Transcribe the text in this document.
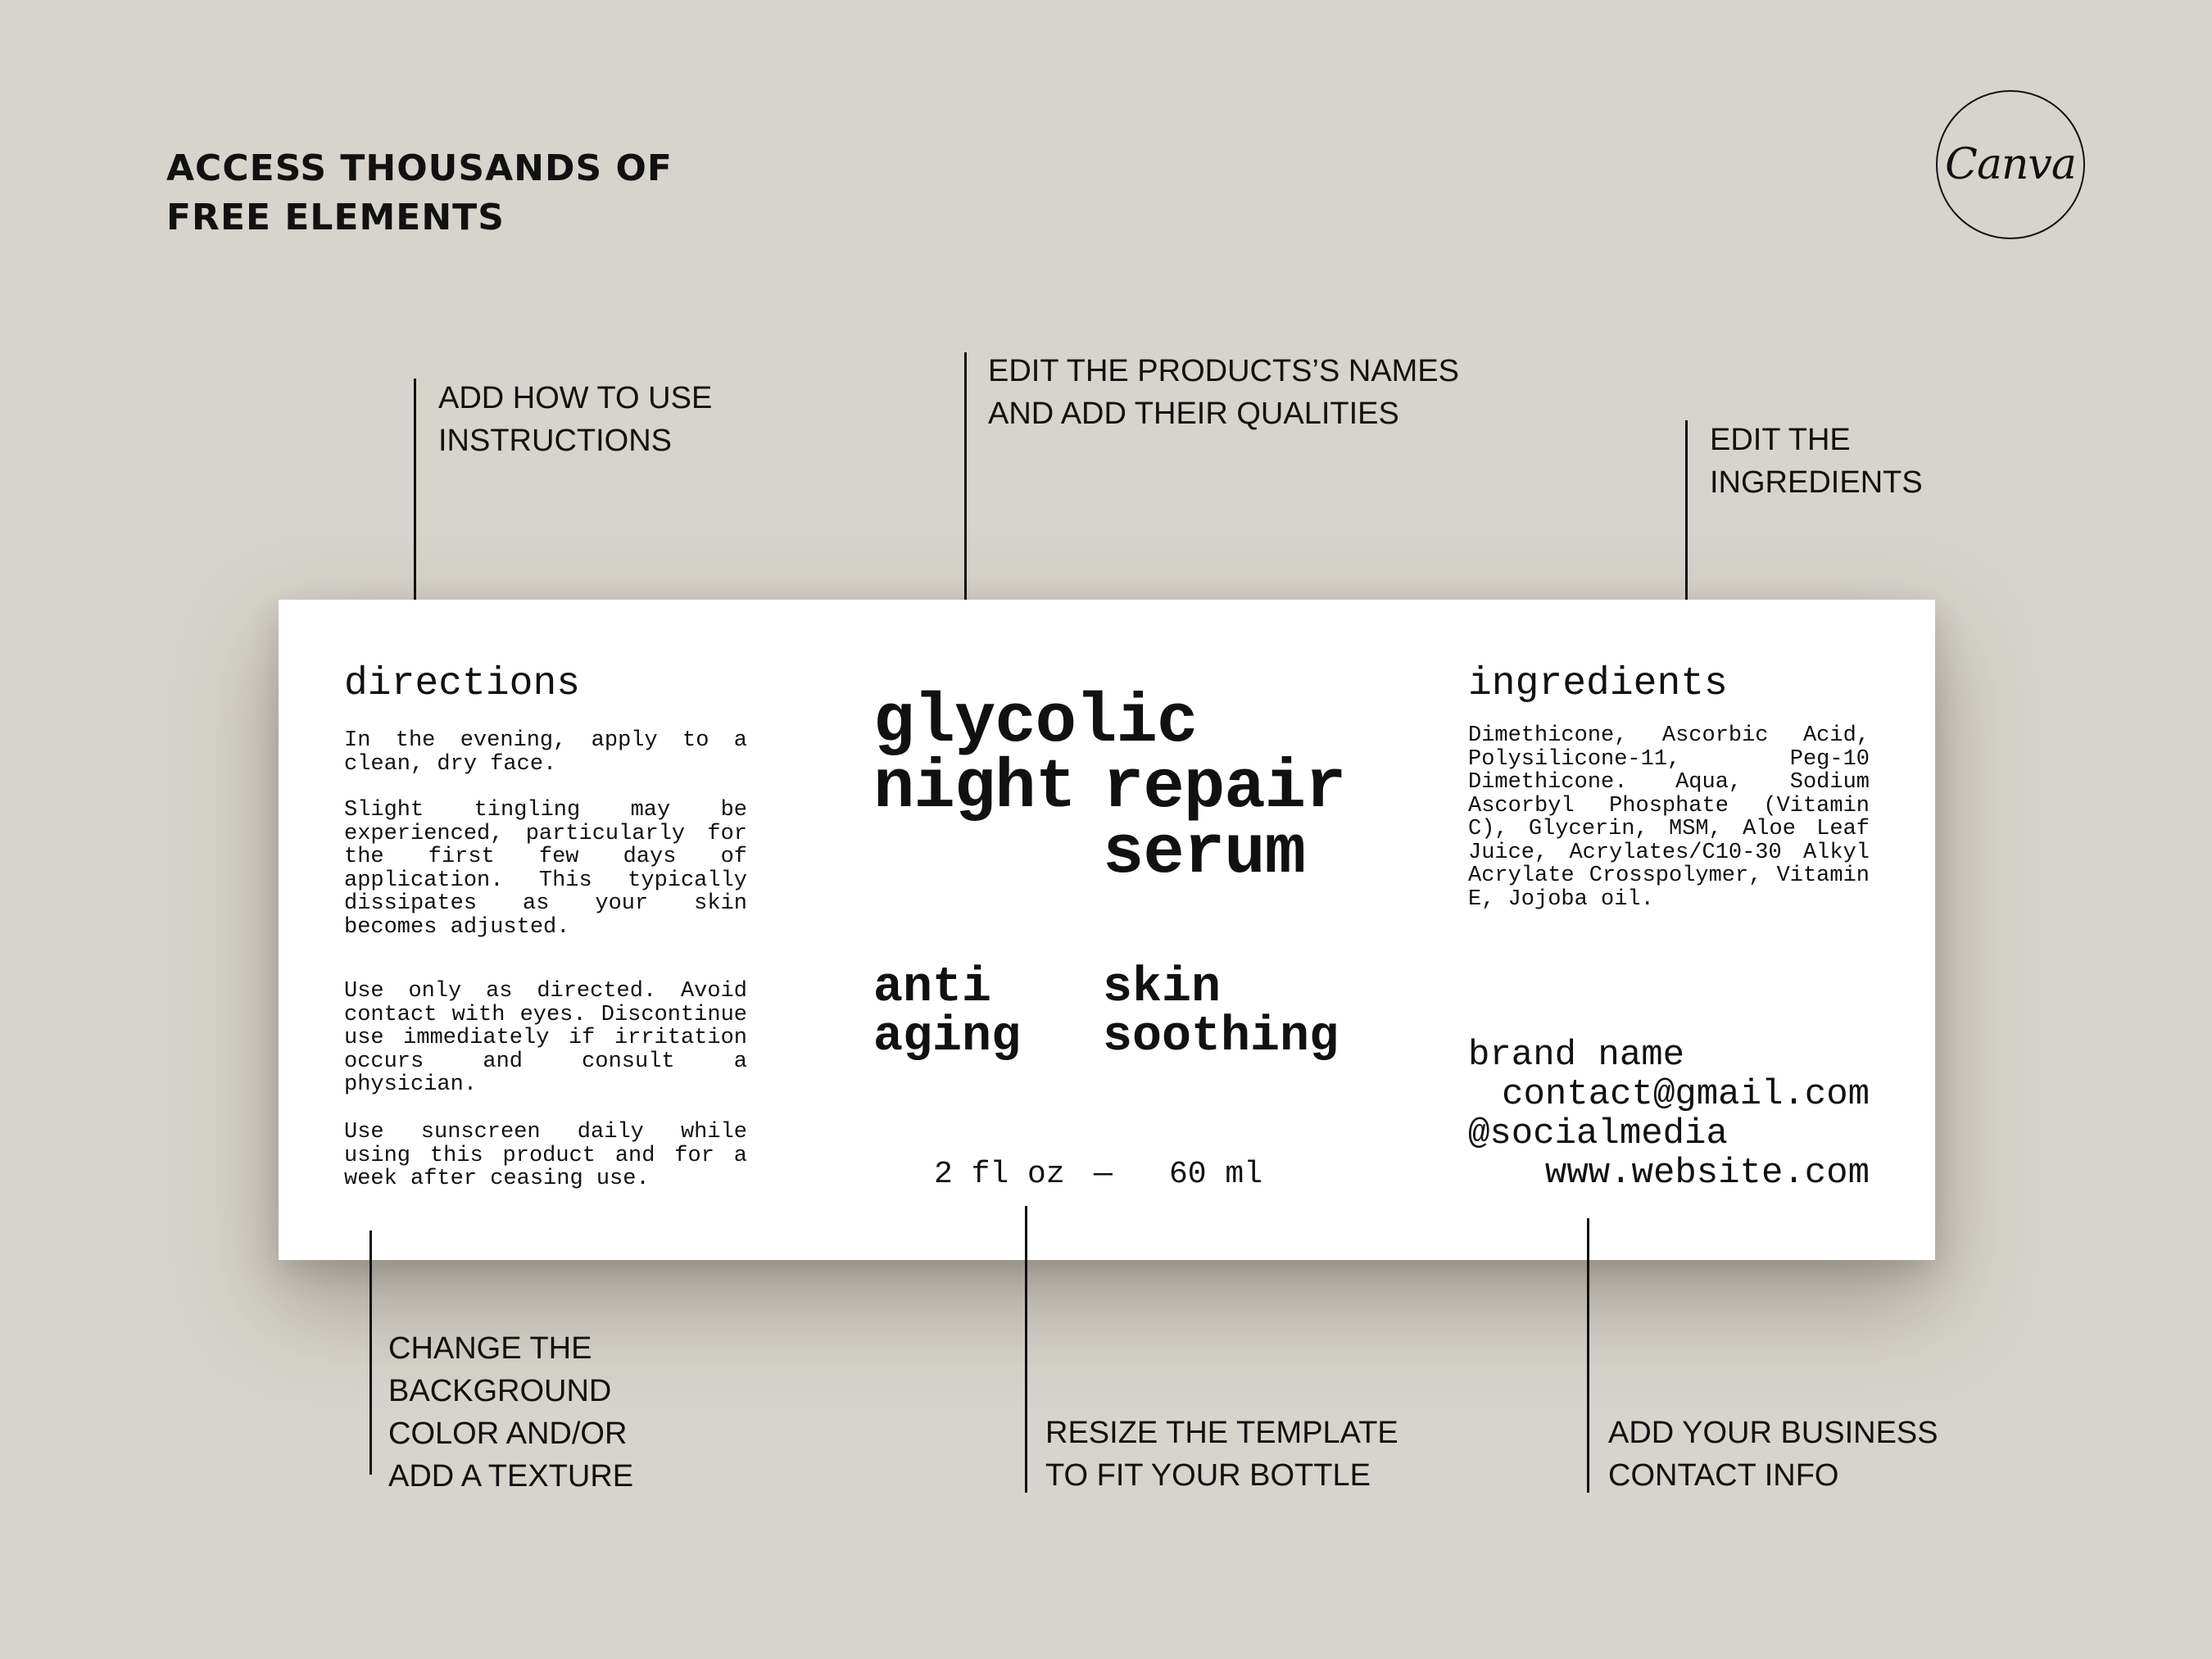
ACCESS THOUSANDS OF
FREE ELEMENTS
Canva
ADD HOW TO USE
INSTRUCTIONS
EDIT THE PRODUCTS’S NAMES
AND ADD THEIR QUALITIES
EDIT THE
INGREDIENTS
directions
In the evening, apply to a clean, dry face.
Slight tingling may be experienced, particularly for the first few days of application. This typically dissipates as your skin becomes adjusted.
Use only as directed. Avoid contact with eyes. Discontinue use immediately if irritation occurs and consult a physician.
Use sunscreen daily while using this product and for a week after ceasing use.
glycolic
night repair
serum
anti
aging
skin
soothing
2 fl oz — 60 ml
ingredients
Dimethicone, Ascorbic Acid, Polysilicone-11, Peg-10 Dimethicone. Aqua, Sodium Ascorbyl Phosphate (Vitamin C), Glycerin, MSM, Aloe Leaf Juice, Acrylates/C10-30 Alkyl Acrylate Crosspolymer, Vitamin E, Jojoba oil.
brand name
contact@gmail.com
@socialmedia
www.website.com
CHANGE THE
BACKGROUND
COLOR AND/OR
ADD A TEXTURE
RESIZE THE TEMPLATE
TO FIT YOUR BOTTLE
ADD YOUR BUSINESS
CONTACT INFO
